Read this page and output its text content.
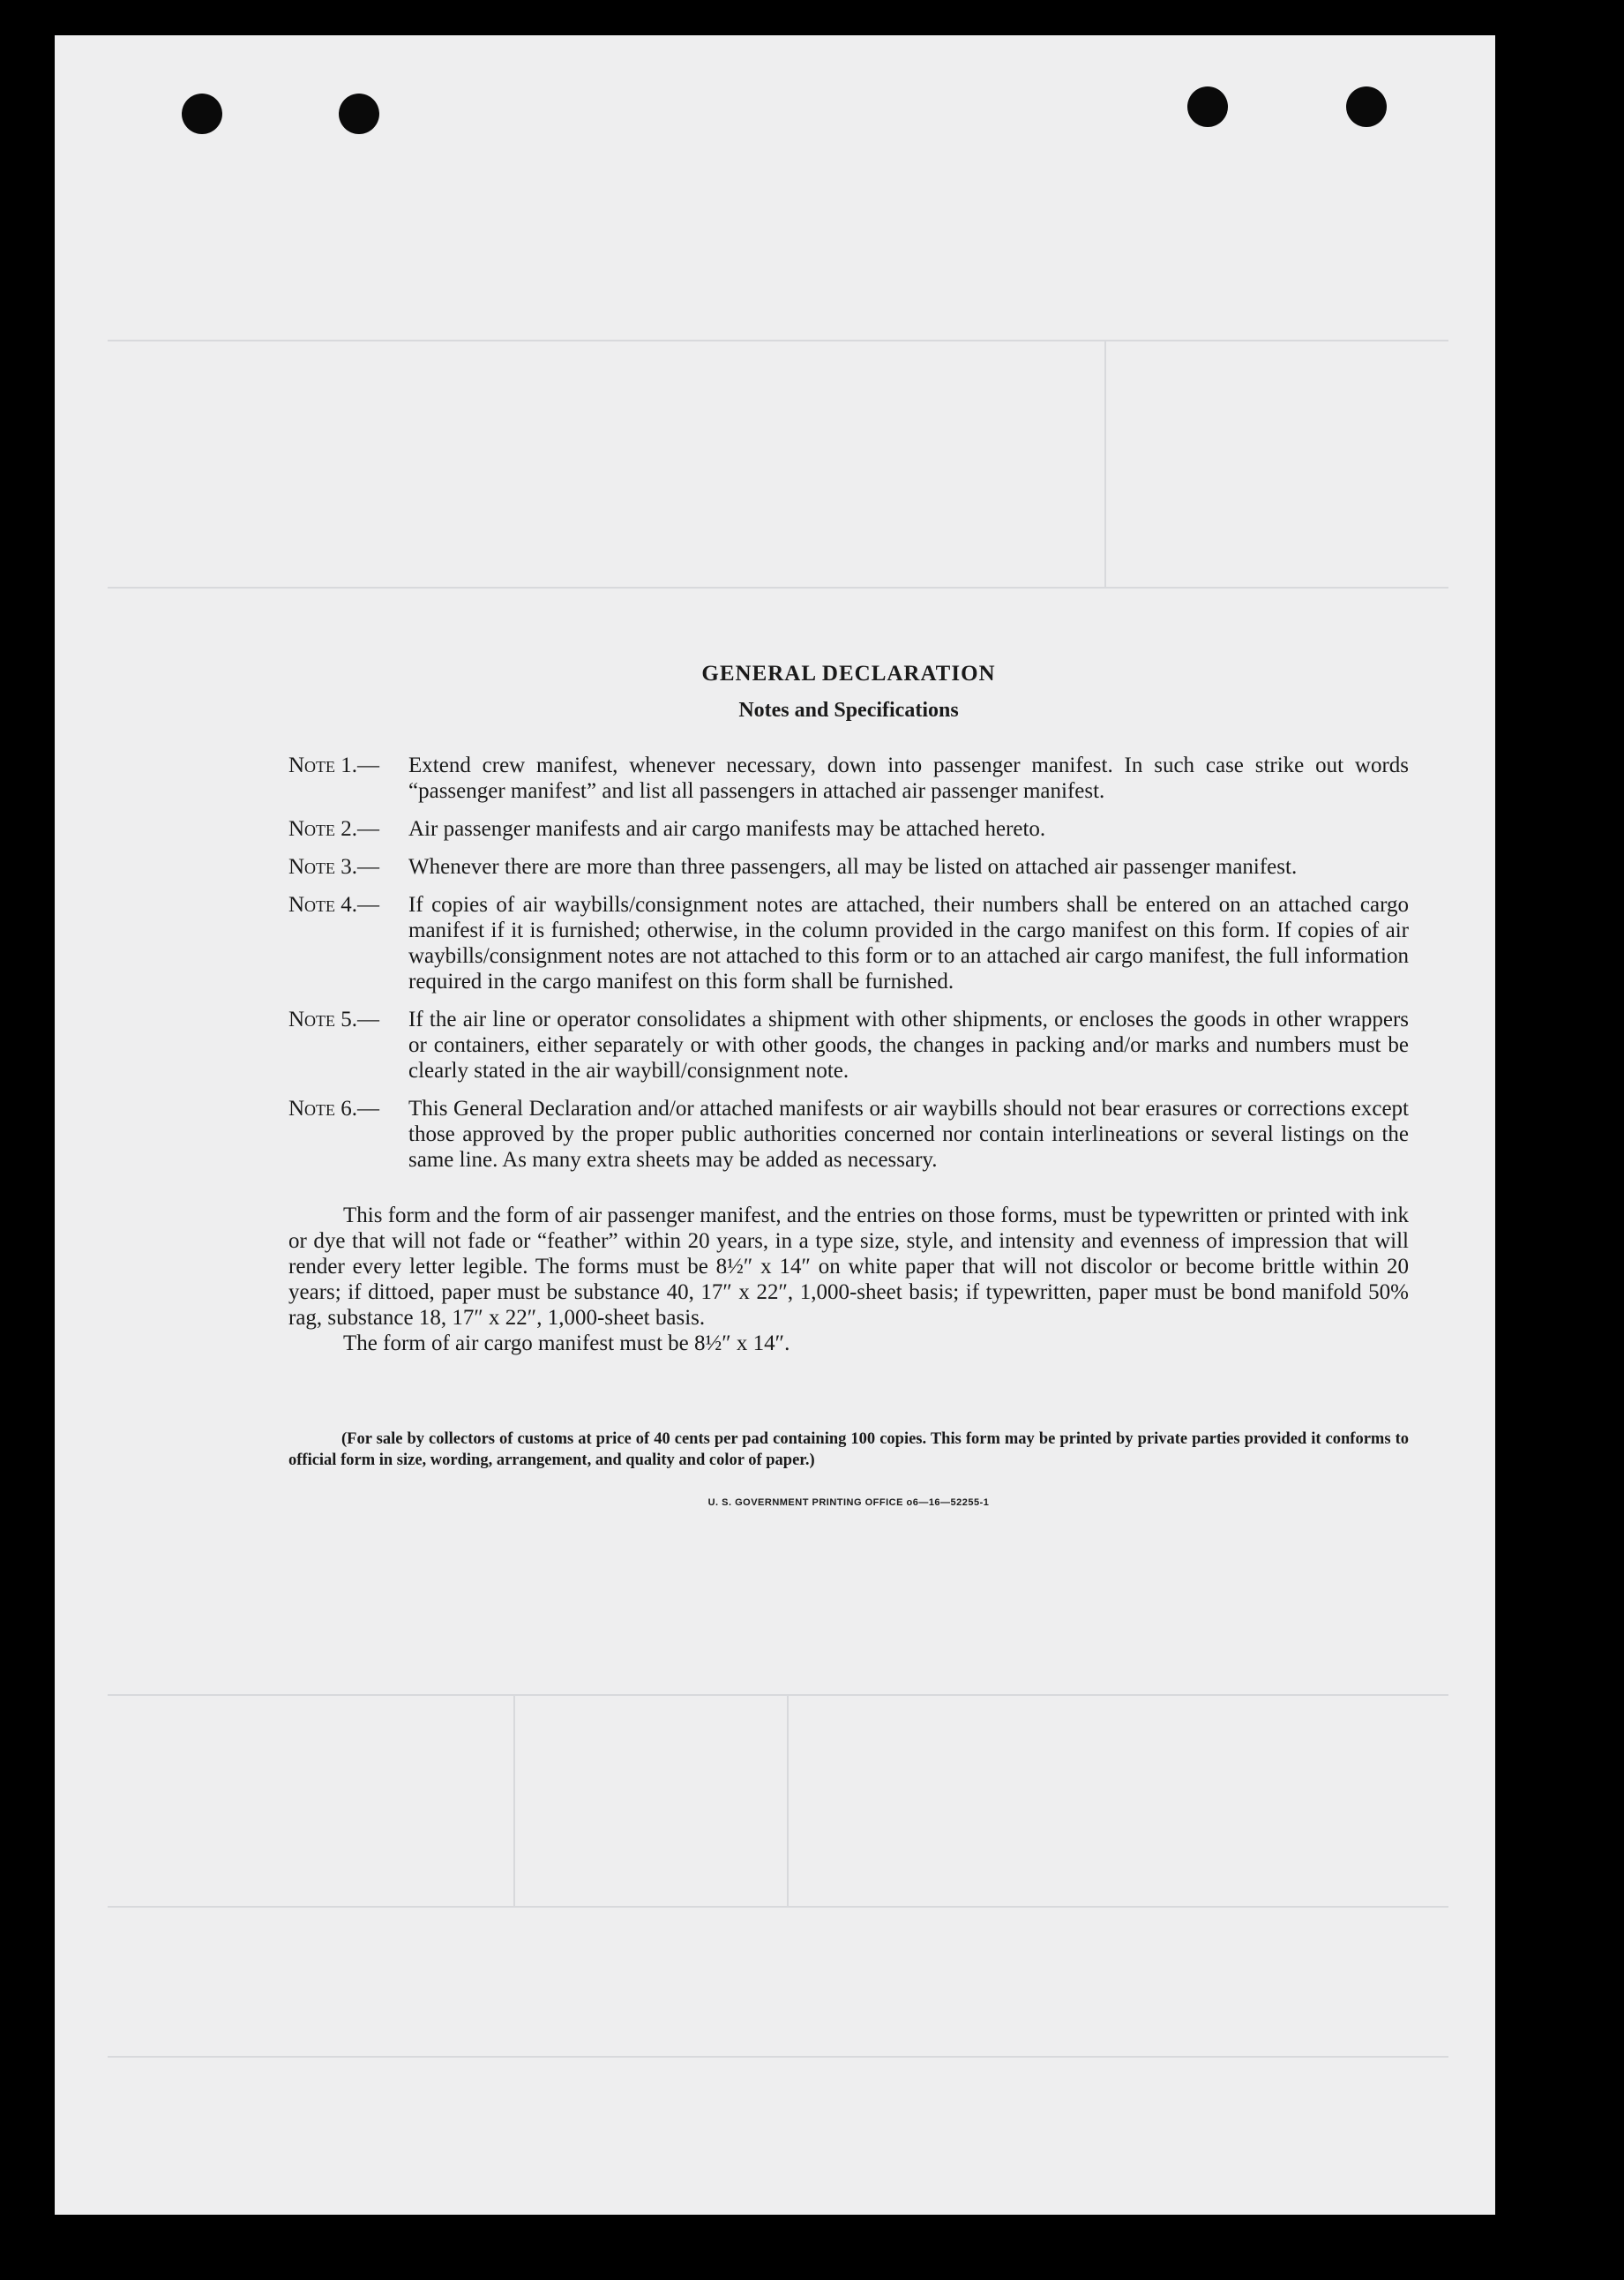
GENERAL DECLARATION
Notes and Specifications
Note 1.—	Extend crew manifest, whenever necessary, down into passenger manifest. In such case strike out words “passenger manifest” and list all passengers in attached air passenger manifest.
Note 2.—	Air passenger manifests and air cargo manifests may be attached hereto.
Note 3.—	Whenever there are more than three passengers, all may be listed on attached air passenger manifest.
Note 4.—	If copies of air waybills/consignment notes are attached, their numbers shall be entered on an attached cargo manifest if it is furnished; otherwise, in the column provided in the cargo manifest on this form. If copies of air waybills/consignment notes are not attached to this form or to an attached air cargo manifest, the full information required in the cargo manifest on this form shall be furnished.
Note 5.—	If the air line or operator consolidates a shipment with other shipments, or encloses the goods in other wrappers or containers, either separately or with other goods, the changes in packing and/or marks and numbers must be clearly stated in the air waybill/consignment note.
Note 6.—	This General Declaration and/or attached manifests or air waybills should not bear erasures or corrections except those approved by the proper public authorities concerned nor contain interlineations or several listings on the same line. As many extra sheets may be added as necessary.

This form and the form of air passenger manifest, and the entries on those forms, must be typewritten or printed with ink or dye that will not fade or “feather” within 20 years, in a type size, style, and intensity and evenness of impression that will render every letter legible. The forms must be 8½″ x 14″ on white paper that will not discolor or become brittle within 20 years; if dittoed, paper must be substance 40, 17″ x 22″, 1,000-sheet basis; if typewritten, paper must be bond manifold 50% rag, substance 18, 17″ x 22″, 1,000-sheet basis.

The form of air cargo manifest must be 8½″ x 14″.

(For sale by collectors of customs at price of 40 cents per pad containing 100 copies. This form may be printed by private parties provided it conforms to official form in size, wording, arrangement, and quality and color of paper.)
U. S. GOVERNMENT PRINTING OFFICE o6—16—52255-1
